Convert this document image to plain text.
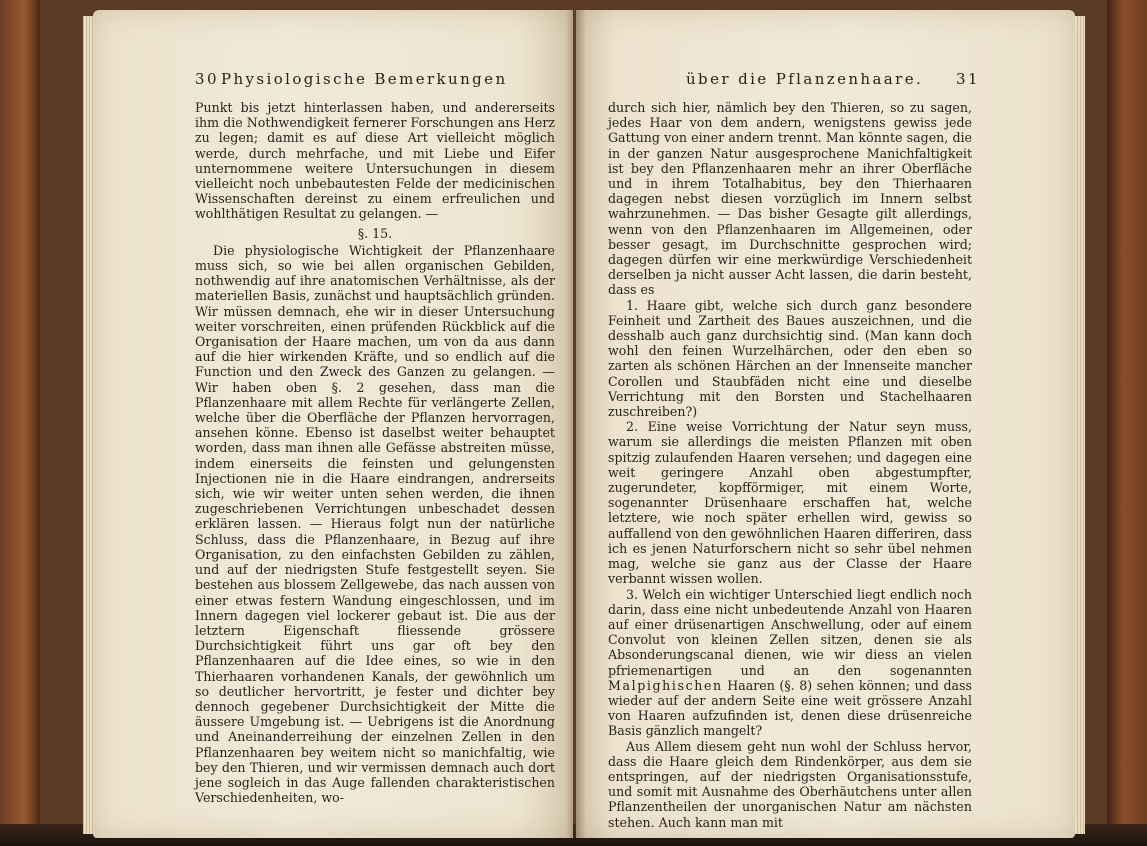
30 Physiologische Bemerkungen

Punkt bis jetzt hinterlassen haben, und andererseits ihm die Nothwendigkeit fernerer Forschungen ans Herz zu legen; damit es auf diese Art vielleicht möglich werde, durch mehrfache, und mit Liebe und Eifer unternommene weitere Untersuchungen in diesem vielleicht noch unbebautesten Felde der medicinischen Wissenschaften dereinst zu einem erfreulichen und wohlthätigen Resultat zu gelangen. —

§. 15.

Die physiologische Wichtigkeit der Pflanzenhaare muss sich, so wie bei allen organischen Gebilden, nothwendig auf ihre anatomischen Verhältnisse, als der materiellen Basis, zunächst und hauptsächlich gründen. Wir müssen demnach, ehe wir in dieser Untersuchung weiter vorschreiten, einen prüfenden Rückblick auf die Organisation der Haare machen, um von da aus dann auf die hier wirkenden Kräfte, und so endlich auf die Function und den Zweck des Ganzen zu gelangen. — Wir haben oben §. 2 gesehen, dass man die Pflanzenhaare mit allem Rechte für verlängerte Zellen, welche über die Oberfläche der Pflanzen hervorragen, ansehen könne. Ebenso ist daselbst weiter behauptet worden, dass man ihnen alle Gefässe abstreiten müsse, indem einerseits die feinsten und gelungensten Injectionen nie in die Haare eindrangen, andrerseits sich, wie wir weiter unten sehen werden, die ihnen zugeschriebenen Verrichtungen unbeschadet dessen erklären lassen. — Hieraus folgt nun der natürliche Schluss, dass die Pflanzenhaare, in Bezug auf ihre Organisation, zu den einfachsten Gebilden zu zählen, und auf der niedrigsten Stufe festgestellt seyen. Sie bestehen aus blossem Zellgewebe, das nach aussen von einer etwas festern Wandung eingeschlossen, und im Innern dagegen viel lockerer gebaut ist. Die aus der letztern Eigenschaft fliessende grössere Durchsichtigkeit führt uns gar oft bey den Pflanzenhaaren auf die Idee eines, so wie in den Thierhaaren vorhandenen Kanals, der gewöhnlich um so deutlicher hervortritt, je fester und dichter bey dennoch gegebener Durchsichtigkeit der Mitte die äussere Umgebung ist. — Uebrigens ist die Anordnung und Aneinanderreihung der einzelnen Zellen in den Pflanzenhaaren bey weitem nicht so manichfaltig, wie bey den Thieren, und wir vermissen demnach auch dort jene sogleich in das Auge fallenden charakteristischen Verschiedenheiten, wo-

über die Pflanzenhaare. 31

durch sich hier, nämlich bey den Thieren, so zu sagen, jedes Haar von dem andern, wenigstens gewiss jede Gattung von einer andern trennt. Man könnte sagen, die in der ganzen Natur ausgesprochene Manichfaltigkeit ist bey den Pflanzenhaaren mehr an ihrer Oberfläche und in ihrem Totalhabitus, bey den Thierhaaren dagegen nebst diesen vorzüglich im Innern selbst wahrzunehmen. — Das bisher Gesagte gilt allerdings, wenn von den Pflanzenhaaren im Allgemeinen, oder besser gesagt, im Durchschnitte gesprochen wird; dagegen dürfen wir eine merkwürdige Verschiedenheit derselben ja nicht ausser Acht lassen, die darin besteht, dass es

1. Haare gibt, welche sich durch ganz besondere Feinheit und Zartheit des Baues auszeichnen, und die desshalb auch ganz durchsichtig sind. (Man kann doch wohl den feinen Wurzelhärchen, oder den eben so zarten als schönen Härchen an der Innenseite mancher Corollen und Staubfäden nicht eine und dieselbe Verrichtung mit den Borsten und Stachelhaaren zuschreiben?)

2. Eine weise Vorrichtung der Natur seyn muss, warum sie allerdings die meisten Pflanzen mit oben spitzig zulaufenden Haaren versehen; und dagegen eine weit geringere Anzahl oben abgestumpfter, zugerundeter, kopfförmiger, mit einem Worte, sogenannter Drüsenhaare erschaffen hat, welche letztere, wie noch später erhellen wird, gewiss so auffallend von den gewöhnlichen Haaren differiren, dass ich es jenen Naturforschern nicht so sehr übel nehmen mag, welche sie ganz aus der Classe der Haare verbannt wissen wollen.

3. Welch ein wichtiger Unterschied liegt endlich noch darin, dass eine nicht unbedeutende Anzahl von Haaren auf einer drüsenartigen Anschwellung, oder auf einem Convolut von kleinen Zellen sitzen, denen sie als Absonderungscanal dienen, wie wir diess an vielen pfriemenartigen und an den sogenannten Malpighischen Haaren (§. 8) sehen können; und dass wieder auf der andern Seite eine weit grössere Anzahl von Haaren aufzufinden ist, denen diese drüsenreiche Basis gänzlich mangelt?

Aus Allem diesem geht nun wohl der Schluss hervor, dass die Haare gleich dem Rindenkörper, aus dem sie entspringen, auf der niedrigsten Organisationsstufe, und somit mit Ausnahme des Oberhäutchens unter allen Pflanzentheilen der unorganischen Natur am nächsten stehen. Auch kann man mit
